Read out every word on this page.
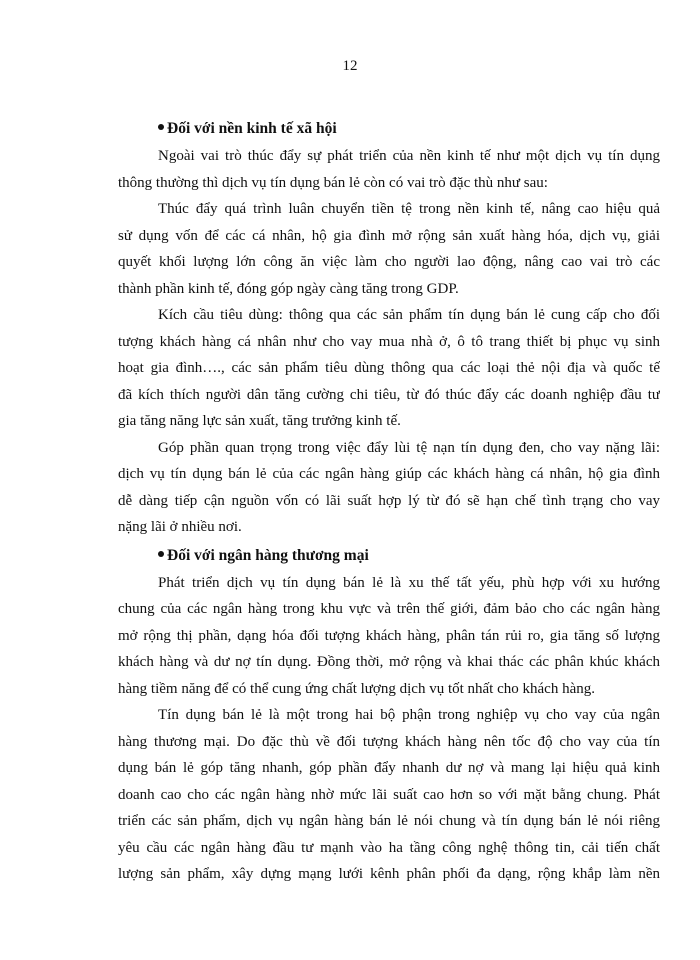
12
Đối với nền kinh tế xã hội
Ngoài vai trò thúc đẩy sự phát triển của nền kinh tế như một dịch vụ tín dụng
thông thường thì dịch vụ tín dụng bán lẻ còn có vai trò đặc thù như sau:
Thúc đẩy quá trình luân chuyển tiền tệ trong nền kinh tế, nâng cao hiệu quả
sử dụng vốn để các cá nhân, hộ gia đình mở rộng sản xuất hàng hóa, dịch vụ, giải
quyết khối lượng lớn công ăn việc làm cho người lao động, nâng cao vai trò các
thành phần kinh tế, đóng góp ngày càng tăng trong GDP.
Kích cầu tiêu dùng: thông qua các sản phẩm tín dụng bán lẻ cung cấp cho đối
tượng khách hàng cá nhân như cho vay mua nhà ở, ô tô trang thiết bị phục vụ sinh
hoạt gia đình…., các sản phẩm tiêu dùng thông qua các loại thẻ nội địa và quốc tế
đã kích thích người dân tăng cường chi tiêu, từ đó thúc đẩy các doanh nghiệp đầu tư
gia tăng năng lực sản xuất, tăng trưởng kinh tế.
Góp phần quan trọng trong việc đẩy lùi tệ nạn tín dụng đen, cho vay nặng lãi:
dịch vụ tín dụng bán lẻ của các ngân hàng giúp các khách hàng cá nhân, hộ gia đình
dễ dàng tiếp cận nguồn vốn có lãi suất hợp lý từ đó sẽ hạn chế tình trạng cho vay
nặng lãi ở nhiều nơi.
Đối với ngân hàng thương mại
Phát triển dịch vụ tín dụng bán lẻ là xu thế tất yếu, phù hợp với xu hướng
chung của các ngân hàng trong khu vực và trên thế giới, đảm bảo cho các ngân hàng
mở rộng thị phần, dạng hóa đối tượng khách hàng, phân tán rủi ro, gia tăng số lượng
khách hàng và dư nợ tín dụng. Đồng thời, mở rộng và khai thác các phân khúc khách
hàng tiềm năng để có thể cung ứng chất lượng dịch vụ tốt nhất cho khách hàng.
Tín dụng bán lẻ là một trong hai bộ phận trong nghiệp vụ cho vay của ngân
hàng thương mại. Do đặc thù về đối tượng khách hàng nên tốc độ cho vay của tín
dụng bán lẻ góp tăng nhanh, góp phần đẩy nhanh dư nợ và mang lại hiệu quả kinh
doanh cao cho các ngân hàng nhờ mức lãi suất cao hơn so với mặt bằng chung. Phát
triển các sản phẩm, dịch vụ ngân hàng bán lẻ nói chung và tín dụng bán lẻ nói riêng
yêu cầu các ngân hàng đầu tư mạnh vào ha tầng công nghệ thông tin, cải tiến chất
lượng sản phẩm, xây dựng mạng lưới kênh phân phối đa dạng, rộng khắp làm nền
